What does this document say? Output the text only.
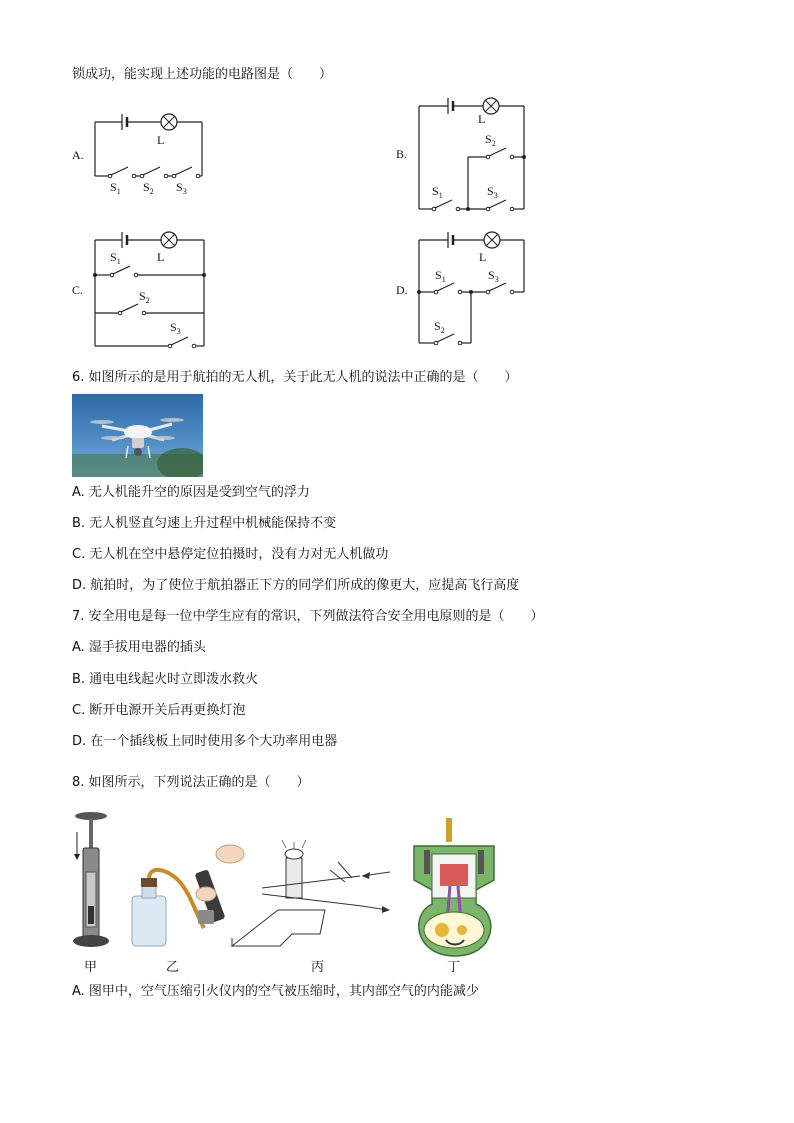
锁成功，能实现上述功能的电路图是（　　）
A.
L
$S_1$ $S_2$ $S_3$
B.
L
$S_2$
$S_1$	$S_3$
C.
L
$S_1$
$S_2$
$S_3$
D.
L
$S_1$	$S_3$
$S_2$
6. 如图所示的是用于航拍的无人机，关于此无人机的说法中正确的是（　　）
A. 无人机能升空的原因是受到空气的浮力
B. 无人机竖直匀速上升过程中机械能保持不变
C. 无人机在空中悬停定位拍摄时，没有力对无人机做功
D. 航拍时，为了使位于航拍器正下方的同学们所成的像更大，应提高飞行高度
7. 安全用电是每一位中学生应有的常识，下列做法符合安全用电原则的是（　　）
A. 湿手拔用电器的插头
B. 通电电线起火时立即泼水救火
C. 断开电源开关后再更换灯泡
D. 在一个插线板上同时使用多个大功率用电器
8. 如图所示，下列说法正确的是（　　）
甲	乙	丙	丁
A. 图甲中，空气压缩引火仪内的空气被压缩时，其内部空气的内能减少
